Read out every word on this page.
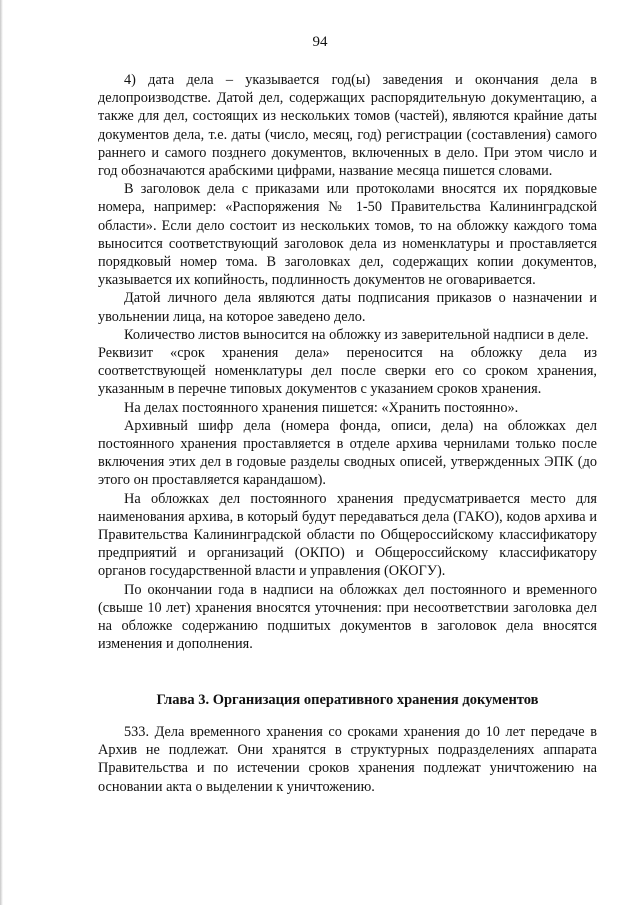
94

4) дата дела – указывается год(ы) заведения и окончания дела в делопроизводстве. Датой дел, содержащих распорядительную документацию, а также для дел, состоящих из нескольких томов (частей), являются крайние даты документов дела, т.е. даты (число, месяц, год) регистрации (составления) самого раннего и самого позднего документов, включенных в дело. При этом число и год обозначаются арабскими цифрами, название месяца пишется словами.

В заголовок дела с приказами или протоколами вносятся их порядковые номера, например: «Распоряжения № 1-50 Правительства Калининградской области». Если дело состоит из нескольких томов, то на обложку каждого тома выносится соответствующий заголовок дела из номенклатуры и проставляется порядковый номер тома. В заголовках дел, содержащих копии документов, указывается их копийность, подлинность документов не оговаривается.

Датой личного дела являются даты подписания приказов о назначении и увольнении лица, на которое заведено дело.

Количество листов выносится на обложку из заверительной надписи в деле.

Реквизит «срок хранения дела» переносится на обложку дела из соответствующей номенклатуры дел после сверки его со сроком хранения, указанным в перечне типовых документов с указанием сроков хранения.

На делах постоянного хранения пишется: «Хранить постоянно».

Архивный шифр дела (номера фонда, описи, дела) на обложках дел постоянного хранения проставляется в отделе архива чернилами только после включения этих дел в годовые разделы сводных описей, утвержденных ЭПК (до этого он проставляется карандашом).

На обложках дел постоянного хранения предусматривается место для наименования архива, в который будут передаваться дела (ГАКО), кодов архива и Правительства Калининградской области по Общероссийскому классификатору предприятий и организаций (ОКПО) и Общероссийскому классификатору органов государственной власти и управления (ОКОГУ).

По окончании года в надписи на обложках дел постоянного и временного (свыше 10 лет) хранения вносятся уточнения: при несоответствии заголовка дел на обложке содержанию подшитых документов в заголовок дела вносятся изменения и дополнения.

Глава 3. Организация оперативного хранения документов

533. Дела временного хранения со сроками хранения до 10 лет передаче в Архив не подлежат. Они хранятся в структурных подразделениях аппарата Правительства и по истечении сроков хранения подлежат уничтожению на основании акта о выделении к уничтожению.
